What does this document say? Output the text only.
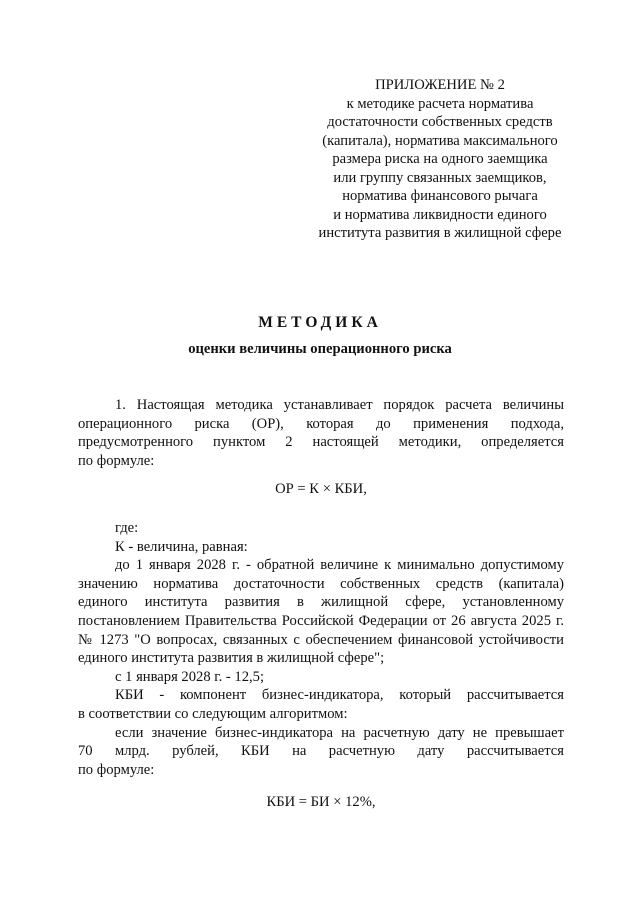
ПРИЛОЖЕНИЕ № 2
к методике расчета норматива
достаточности собственных средств
(капитала), норматива максимального
размера риска на одного заемщика
или группу связанных заемщиков,
норматива финансового рычага
и норматива ликвидности единого
института развития в жилищной сфере
МЕТОДИКА
оценки величины операционного риска
1. Настоящая методика устанавливает порядок расчета величины
операционного риска (ОР), которая до применения подхода,
предусмотренного пунктом 2 настоящей методики, определяется
по формуле:
ОР = К × КБИ,
где:
К - величина, равная:
до 1 января 2028 г. - обратной величине к минимально допустимому
значению норматива достаточности собственных средств (капитала)
единого института развития в жилищной сфере, установленному
постановлением Правительства Российской Федерации от 26 августа 2025 г.
№ 1273 "О вопросах, связанных с обеспечением финансовой устойчивости
единого института развития в жилищной сфере";
с 1 января 2028 г. - 12,5;
КБИ - компонент бизнес-индикатора, который рассчитывается
в соответствии со следующим алгоритмом:
если значение бизнес-индикатора на расчетную дату не превышает
70 млрд. рублей, КБИ на расчетную дату рассчитывается
по формуле:
КБИ = БИ × 12%,
